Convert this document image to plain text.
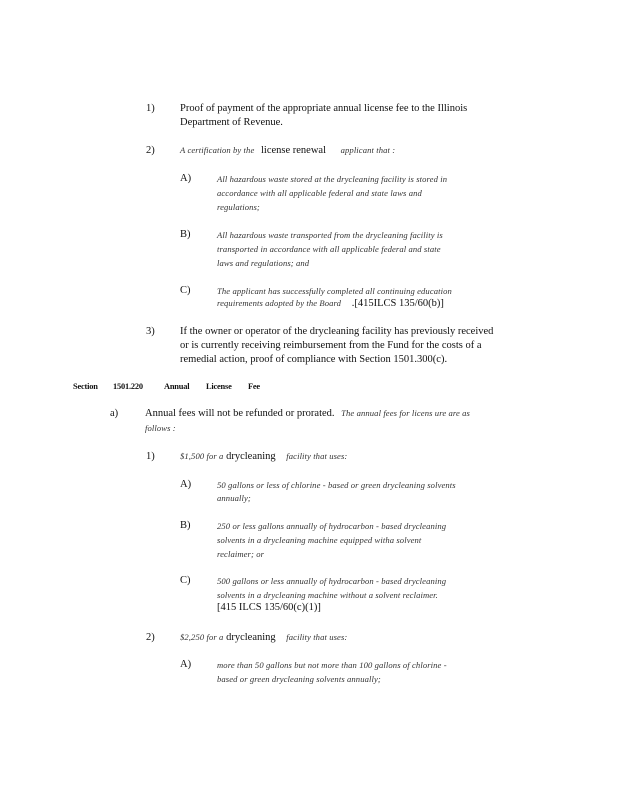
1) Proof of payment of the appropriate annual license fee to the Illinois
Department of Revenue.
2)	A certification by the license renewal applicant that :
A)	All hazardous waste stored at the drycleaning facility is stored in
accordance with all applicable federal and state laws and
regulations;
B)	All hazardous waste transported from the drycleaning facility is
transported in accordance with all applicable federal and state
laws and regulations; and
C)	The applicant has successfully completed all continuing education
requirements adopted by the Board .[415ILCS 135/60(b)]
3) If the owner or operator of the drycleaning facility has previously received
or is currently receiving reimbursement from the Fund for the costs of a
remedial action, proof of compliance with Section 1501.300(c).
Section 1501.220	Annual License Fee
a)	Annual fees will not be refunded or prorated. The annual fees for licens ure are as
follows :
1)	$1,500 for a drycleaning facility that uses:
A)	50 gallons or less of chlorine - based or green drycleaning solvents
annually;
B)	250 or less gallons annually of hydrocarbon - based drycleaning
solvents in a drycleaning machine equipped witha solvent
reclaimer; or
C)	500 gallons or less annually of hydrocarbon - based drycleaning
solvents in a drycleaning machine without a solvent reclaimer.
[415 ILCS 135/60(c)(1)]
2)	$2,250 for a drycleaning facility that uses:
A)	more than 50 gallons but not more than 100 gallons of chlorine -
based or green drycleaning solvents annually;
